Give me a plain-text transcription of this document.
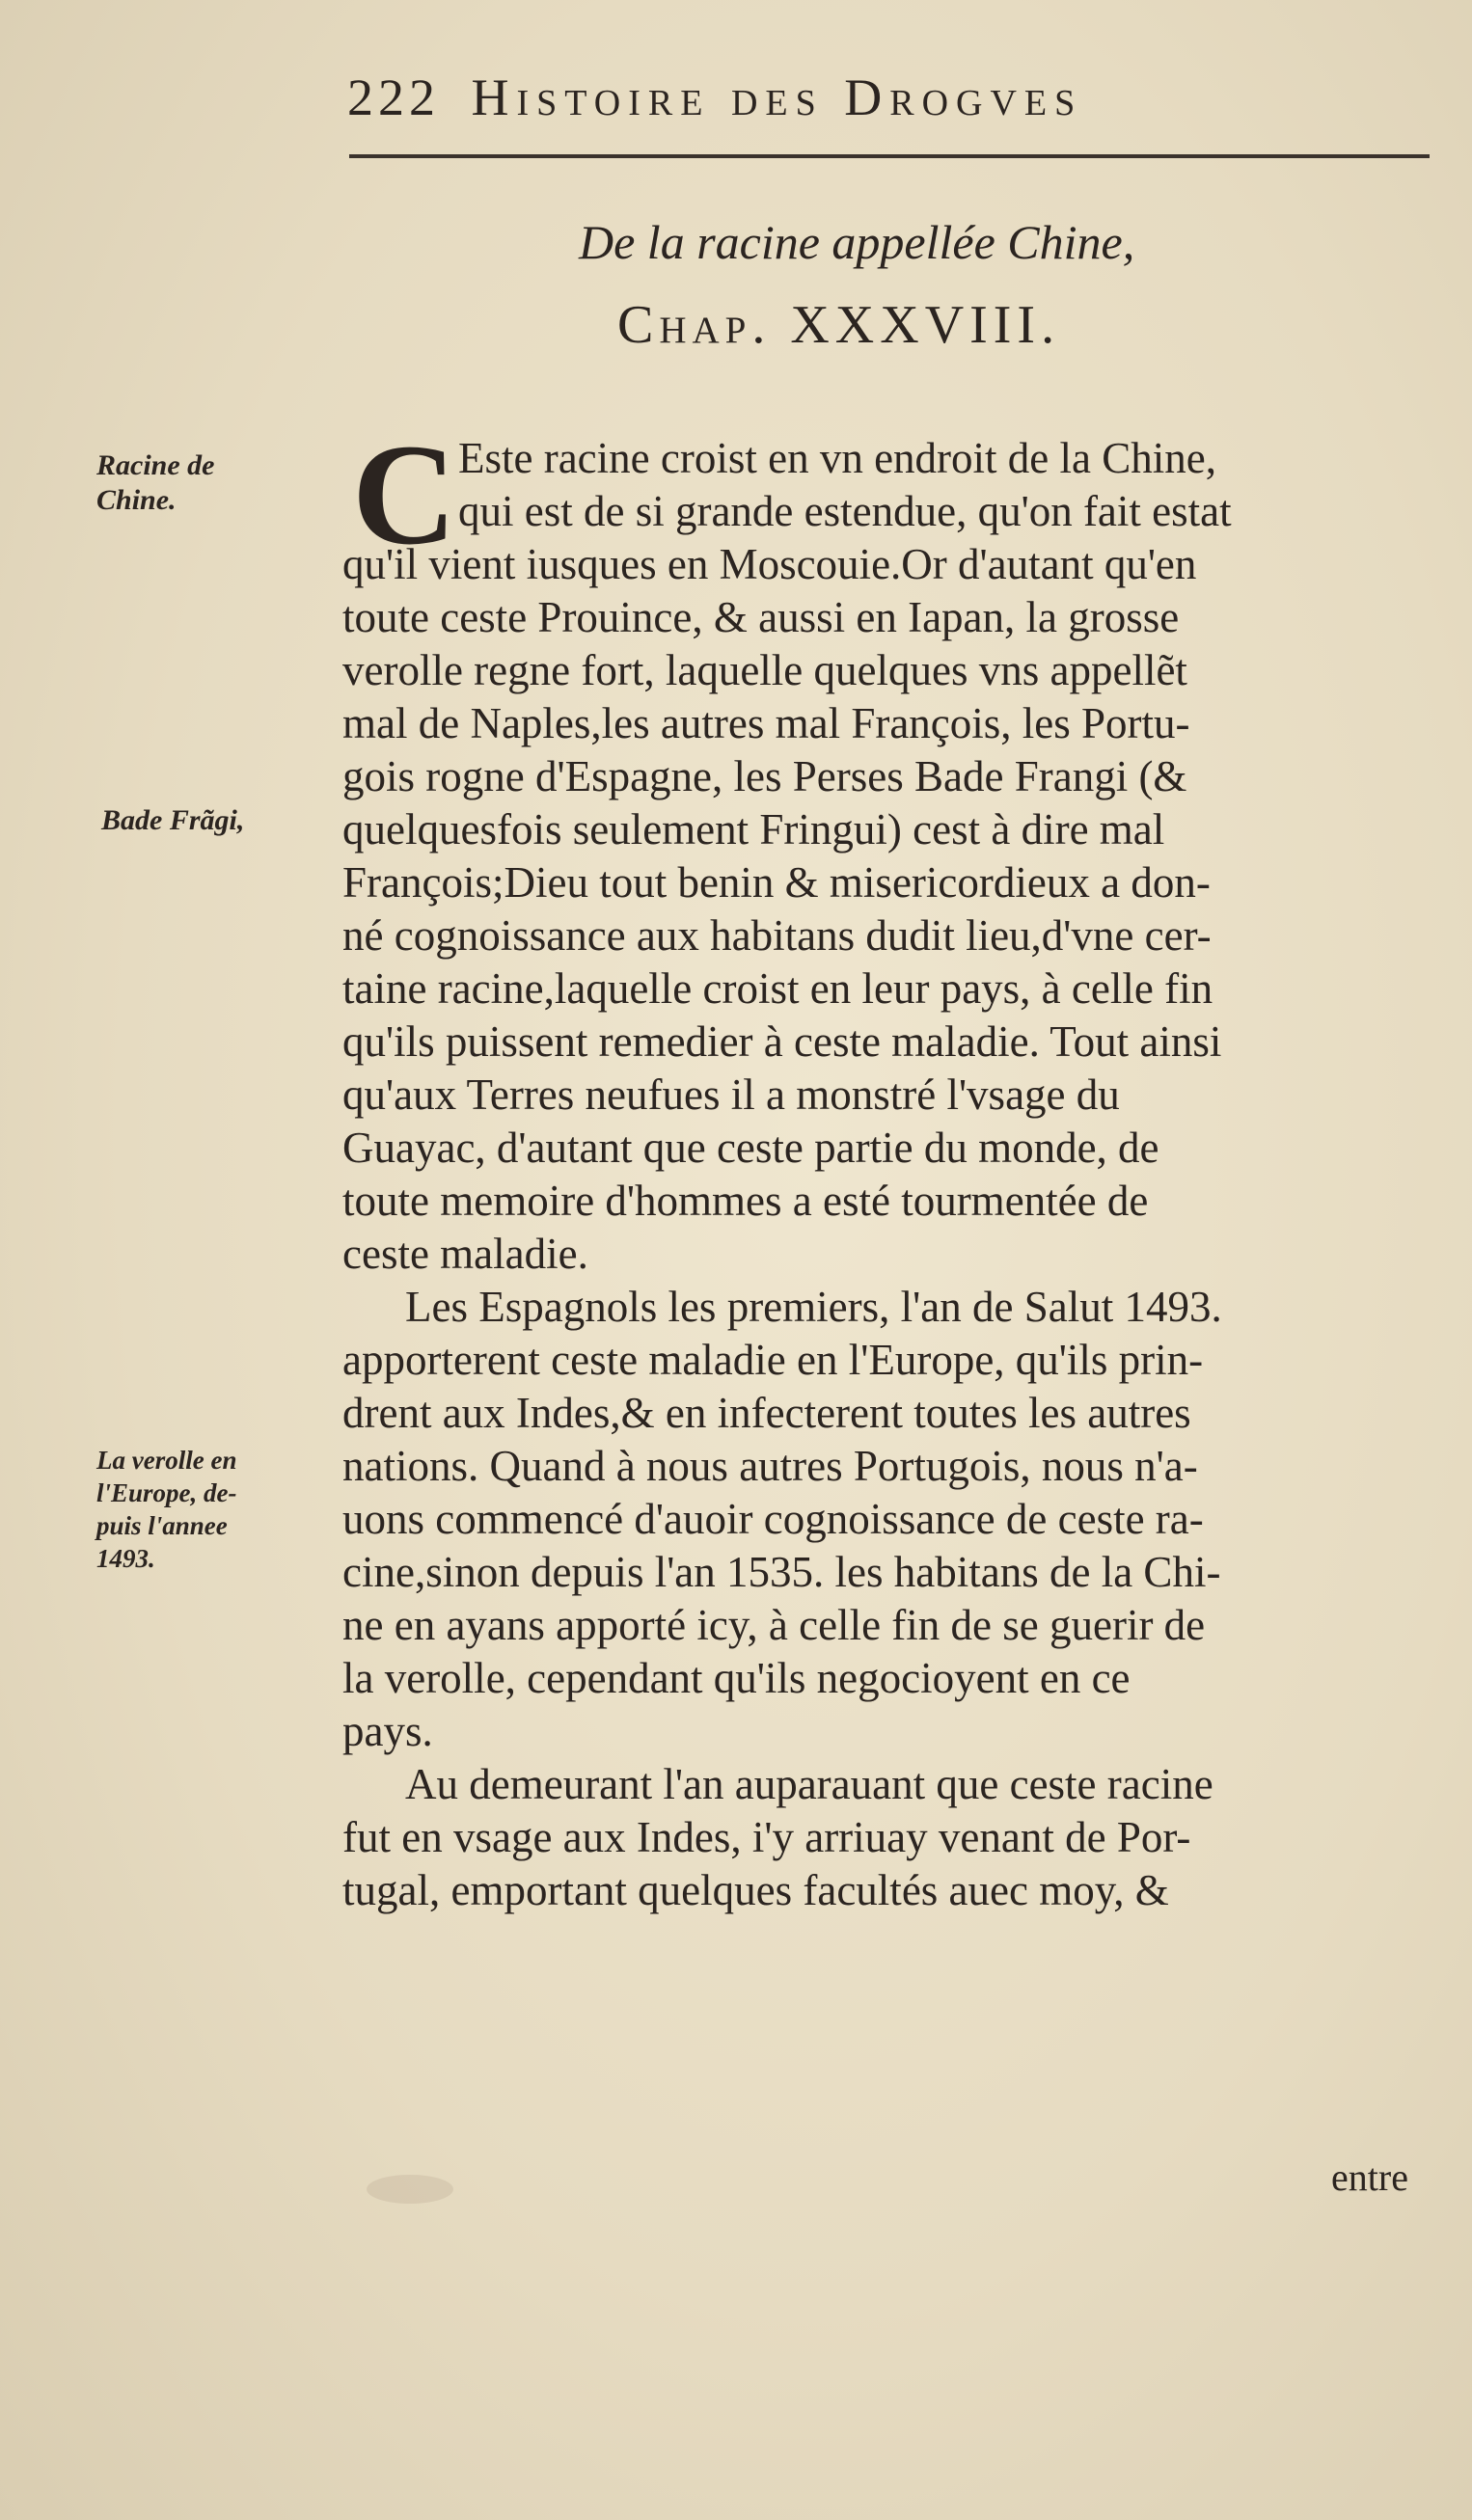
222 Histoire des Drogves
De la racine appellée Chine,
Chap. XXXVIII.
Racine de
Chine.
Bade Frãgi,
La verolle en
l'Europe, de-
puis l'annee
1493.
C Este racine croist en vn endroit de la Chine,
qui est de si grande estendue, qu'on fait estat
qu'il vient iusques en Moscouie.Or d'autant qu'en
toute ceste Prouince, & aussi en Iapan, la grosse
verolle regne fort, laquelle quelques vns appellẽt
mal de Naples,les autres mal François, les Portu-
gois rogne d'Espagne, les Perses Bade Frangi (&
quelquesfois seulement Fringui) cest à dire mal
François;Dieu tout benin & misericordieux a don-
né cognoissance aux habitans dudit lieu,d'vne cer-
taine racine,laquelle croist en leur pays, à celle fin
qu'ils puissent remedier à ceste maladie. Tout ainsi
qu'aux Terres neufues il a monstré l'vsage du
Guayac, d'autant que ceste partie du monde, de
toute memoire d'hommes a esté tourmentée de
ceste maladie.
Les Espagnols les premiers, l'an de Salut 1493.
apporterent ceste maladie en l'Europe, qu'ils prin-
drent aux Indes,& en infecterent toutes les autres
nations. Quand à nous autres Portugois, nous n'a-
uons commencé d'auoir cognoissance de ceste ra-
cine,sinon depuis l'an 1535. les habitans de la Chi-
ne en ayans apporté icy, à celle fin de se guerir de
la verolle, cependant qu'ils negocioyent en ce
pays.
Au demeurant l'an auparauant que ceste racine
fut en vsage aux Indes, i'y arriuay venant de Por-
tugal, emportant quelques facultés auec moy, &
entre
